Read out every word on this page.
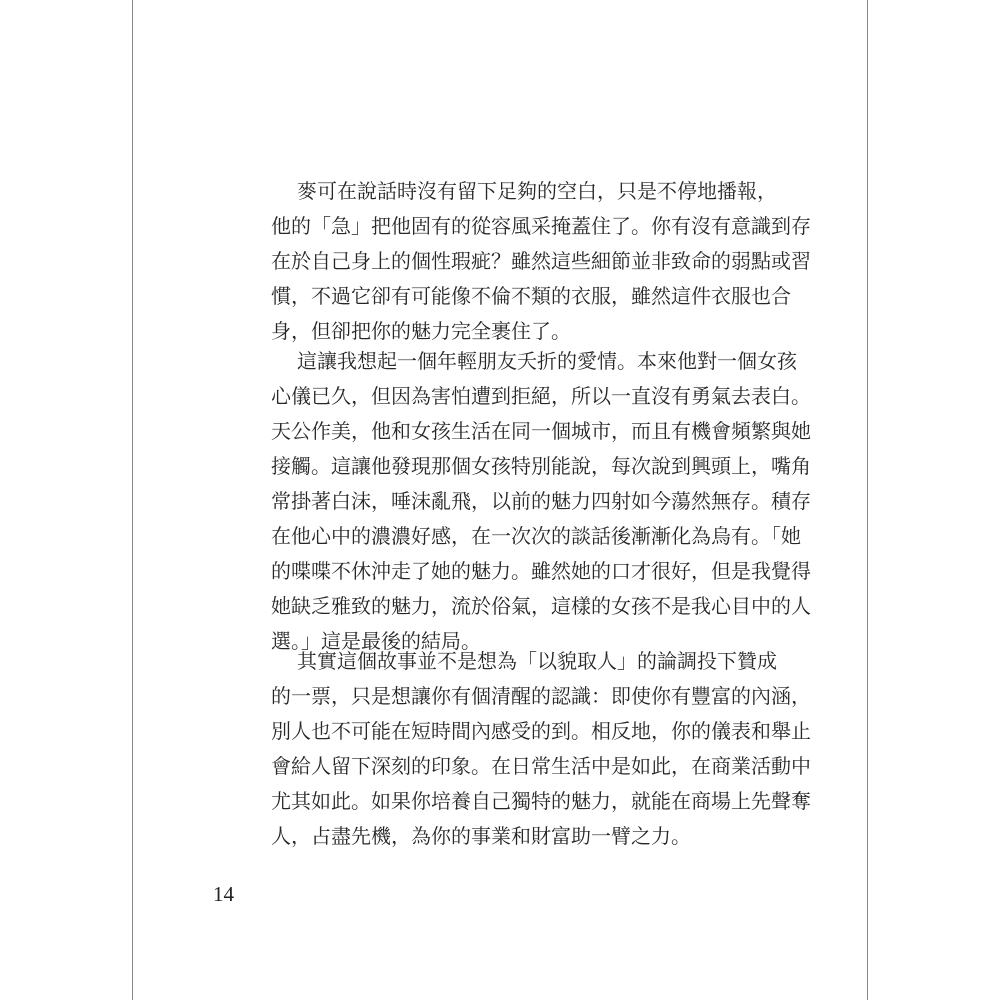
麥可在說話時沒有留下足夠的空白，只是不停地播報，
他的「急」把他固有的從容風采掩蓋住了。你有沒有意識到存
在於自己身上的個性瑕疵？雖然這些細節並非致命的弱點或習
慣，不過它卻有可能像不倫不類的衣服，雖然這件衣服也合
身，但卻把你的魅力完全裹住了。

這讓我想起一個年輕朋友夭折的愛情。本來他對一個女孩
心儀已久，但因為害怕遭到拒絕，所以一直沒有勇氣去表白。
天公作美，他和女孩生活在同一個城市，而且有機會頻繁與她
接觸。這讓他發現那個女孩特別能說，每次說到興頭上，嘴角
常掛著白沫，唾沫亂飛，以前的魅力四射如今蕩然無存。積存
在他心中的濃濃好感，在一次次的談話後漸漸化為烏有。「她
的喋喋不休沖走了她的魅力。雖然她的口才很好，但是我覺得
她缺乏雅致的魅力，流於俗氣，這樣的女孩不是我心目中的人
選。」這是最後的結局。

其實這個故事並不是想為「以貌取人」的論調投下贊成
的一票，只是想讓你有個清醒的認識：即使你有豐富的內涵，
別人也不可能在短時間內感受的到。相反地，你的儀表和舉止
會給人留下深刻的印象。在日常生活中是如此，在商業活動中
尤其如此。如果你培養自己獨特的魅力，就能在商場上先聲奪
人，占盡先機，為你的事業和財富助一臂之力。

14
